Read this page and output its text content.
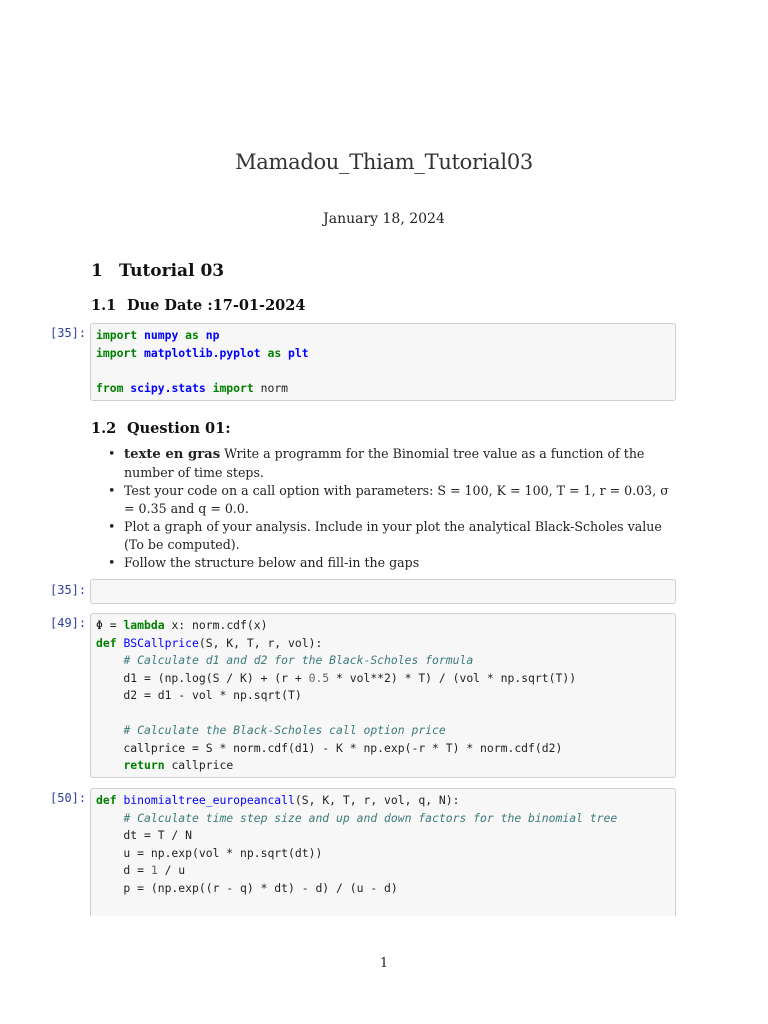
Mamadou_Thiam_Tutorial03
January 18, 2024
1 Tutorial 03
1.1 Due Date :17-01-2024
[35]: import numpy as np
import matplotlib.pyplot as plt

from scipy.stats import norm
1.2 Question 01:
• texte en gras Write a programm for the Binomial tree value as a function of the number of time steps.
• Test your code on a call option with parameters: S = 100, K = 100, T = 1, r = 0.03, σ = 0.35 and q = 0.0.
• Plot a graph of your analysis. Include in your plot the analytical Black-Scholes value (To be computed).
• Follow the structure below and fill-in the gaps
[35]:
[49]: Φ = lambda x: norm.cdf(x)
def BSCallprice(S, K, T, r, vol):
# Calculate d1 and d2 for the Black-Scholes formula
d1 = (np.log(S / K) + (r + 0.5 * vol**2) * T) / (vol * np.sqrt(T))
d2 = d1 - vol * np.sqrt(T)

# Calculate the Black-Scholes call option price
callprice = S * norm.cdf(d1) - K * np.exp(-r * T) * norm.cdf(d2)
return callprice
[50]: def binomialtree_europeancall(S, K, T, r, vol, q, N):
# Calculate time step size and up and down factors for the binomial tree
dt = T / N
u = np.exp(vol * np.sqrt(dt))
d = 1 / u
p = (np.exp((r - q) * dt) - d) / (u - d)
1
